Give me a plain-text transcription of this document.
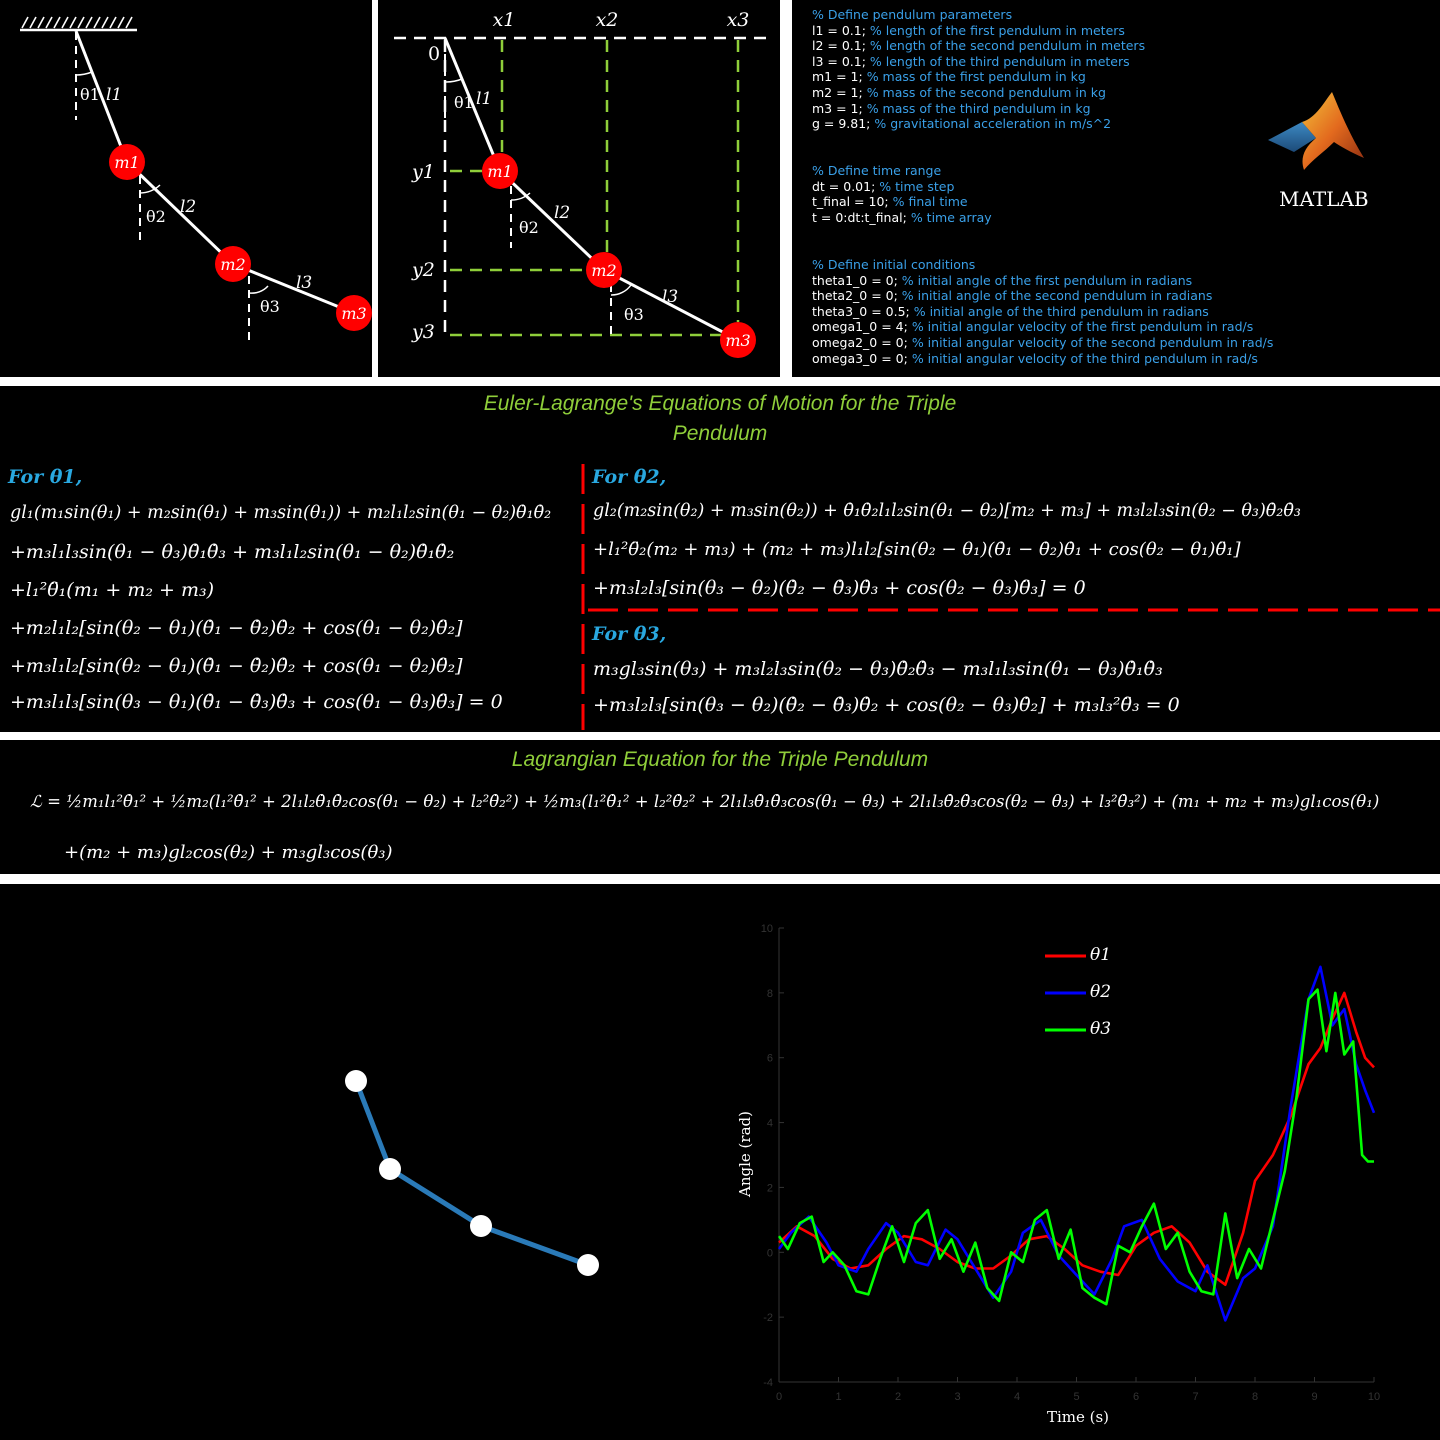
m1
m2
m3
θ1
θ2
θ3
l1
l2
l3
m1
m2
m3
0
x1	x2	x3
y1
y2
y3
θ1
θ2
θ3
l1
l2
l3
% Define pendulum parameters
l1 = 0.1; % length of the first pendulum in meters
l2 = 0.1; % length of the second pendulum in meters
l3 = 0.1; % length of the third pendulum in meters
m1 = 1; % mass of the first pendulum in kg
m2 = 1; % mass of the second pendulum in kg
m3 = 1; % mass of the third pendulum in kg
g = 9.81; % gravitational acceleration in m/s^2
% Define time range
dt = 0.01; % time step
t_final = 10; % final time
t = 0:dt:t_final; % time array
% Define initial conditions
theta1_0 = 0; % initial angle of the first pendulum in radians
theta2_0 = 0; % initial angle of the second pendulum in radians
theta3_0 = 0.5; % initial angle of the third pendulum in radians
omega1_0 = 4; % initial angular velocity of the first pendulum in rad/s
omega2_0 = 0; % initial angular velocity of the second pendulum in rad/s
omega3_0 = 0; % initial angular velocity of the third pendulum in rad/s
MATLAB
Euler-Lagrange's Equations of Motion for the Triple
Pendulum
For θ1,
gl₁(m₁sin(θ₁) + m₂sin(θ₁) + m₃sin(θ₁)) + m₂l₁l₂sin(θ₁ − θ₂)θ̇₁θ̇₂
+m₃l₁l₃sin(θ₁ − θ₃)θ̇₁θ̇₃ + m₃l₁l₂sin(θ₁ − θ₂)θ̇₁θ̇₂
+l₁²θ̈₁(m₁ + m₂ + m₃)
+m₂l₁l₂[sin(θ₂ − θ₁)(θ̇₁ − θ̇₂)θ̇₂ + cos(θ₁ − θ₂)θ̈₂]
+m₃l₁l₂[sin(θ₂ − θ₁)(θ̇₁ − θ̇₂)θ̇₂ + cos(θ₁ − θ₂)θ̈₂]
+m₃l₁l₃[sin(θ₃ − θ₁)(θ̇₁ − θ̇₃)θ̇₃ + cos(θ₁ − θ₃)θ̈₃] = 0
For θ2,
gl₂(m₂sin(θ₂) + m₃sin(θ₂)) + θ̇₁θ̇₂l₁l₂sin(θ₁ − θ₂)[m₂ + m₃] + m₃l₂l₃sin(θ₂ − θ₃)θ̇₂θ̇₃
+l₁²θ̈₂(m₂ + m₃) + (m₂ + m₃)l₁l₂[sin(θ₂ − θ₁)(θ̇₁ − θ̇₂)θ̇₁ + cos(θ₂ − θ₁)θ̈₁]
+m₃l₂l₃[sin(θ₃ − θ₂)(θ̇₂ − θ̇₃)θ̇₃ + cos(θ₂ − θ₃)θ̈₃] = 0
For θ3,
m₃gl₃sin(θ₃) + m₃l₂l₃sin(θ₂ − θ₃)θ̇₂θ̇₃ − m₃l₁l₃sin(θ₁ − θ₃)θ̇₁θ̇₃
+m₃l₂l₃[sin(θ₃ − θ₂)(θ̇₂ − θ̇₃)θ̇₂ + cos(θ₂ − θ₃)θ̇₂] + m₃l₃²θ̈₃ = 0
Lagrangian Equation for the Triple Pendulum
ℒ = ½m₁l₁²θ̇₁² + ½m₂(l₁²θ̇₁² + 2l₁l₂θ̇₁θ̇₂cos(θ₁ − θ₂) + l₂²θ̇₂²) + ½m₃(l₁²θ̇₁² + l₂²θ̇₂² + 2l₁l₃θ̇₁θ̇₃cos(θ₁ − θ₃) + 2l₁l₃θ̇₂θ̇₃cos(θ₂ − θ₃) + l₃²θ̇₃²) + (m₁ + m₂ + m₃)gl₁cos(θ₁)
+(m₂ + m₃)gl₂cos(θ₂) + m₃gl₃cos(θ₃)
0	1	2	3	4	5	6	7	8	9	10
-4
-2
0
2
4
6
8
10
θ1
θ2
θ3
Time (s)
Angle (rad)
